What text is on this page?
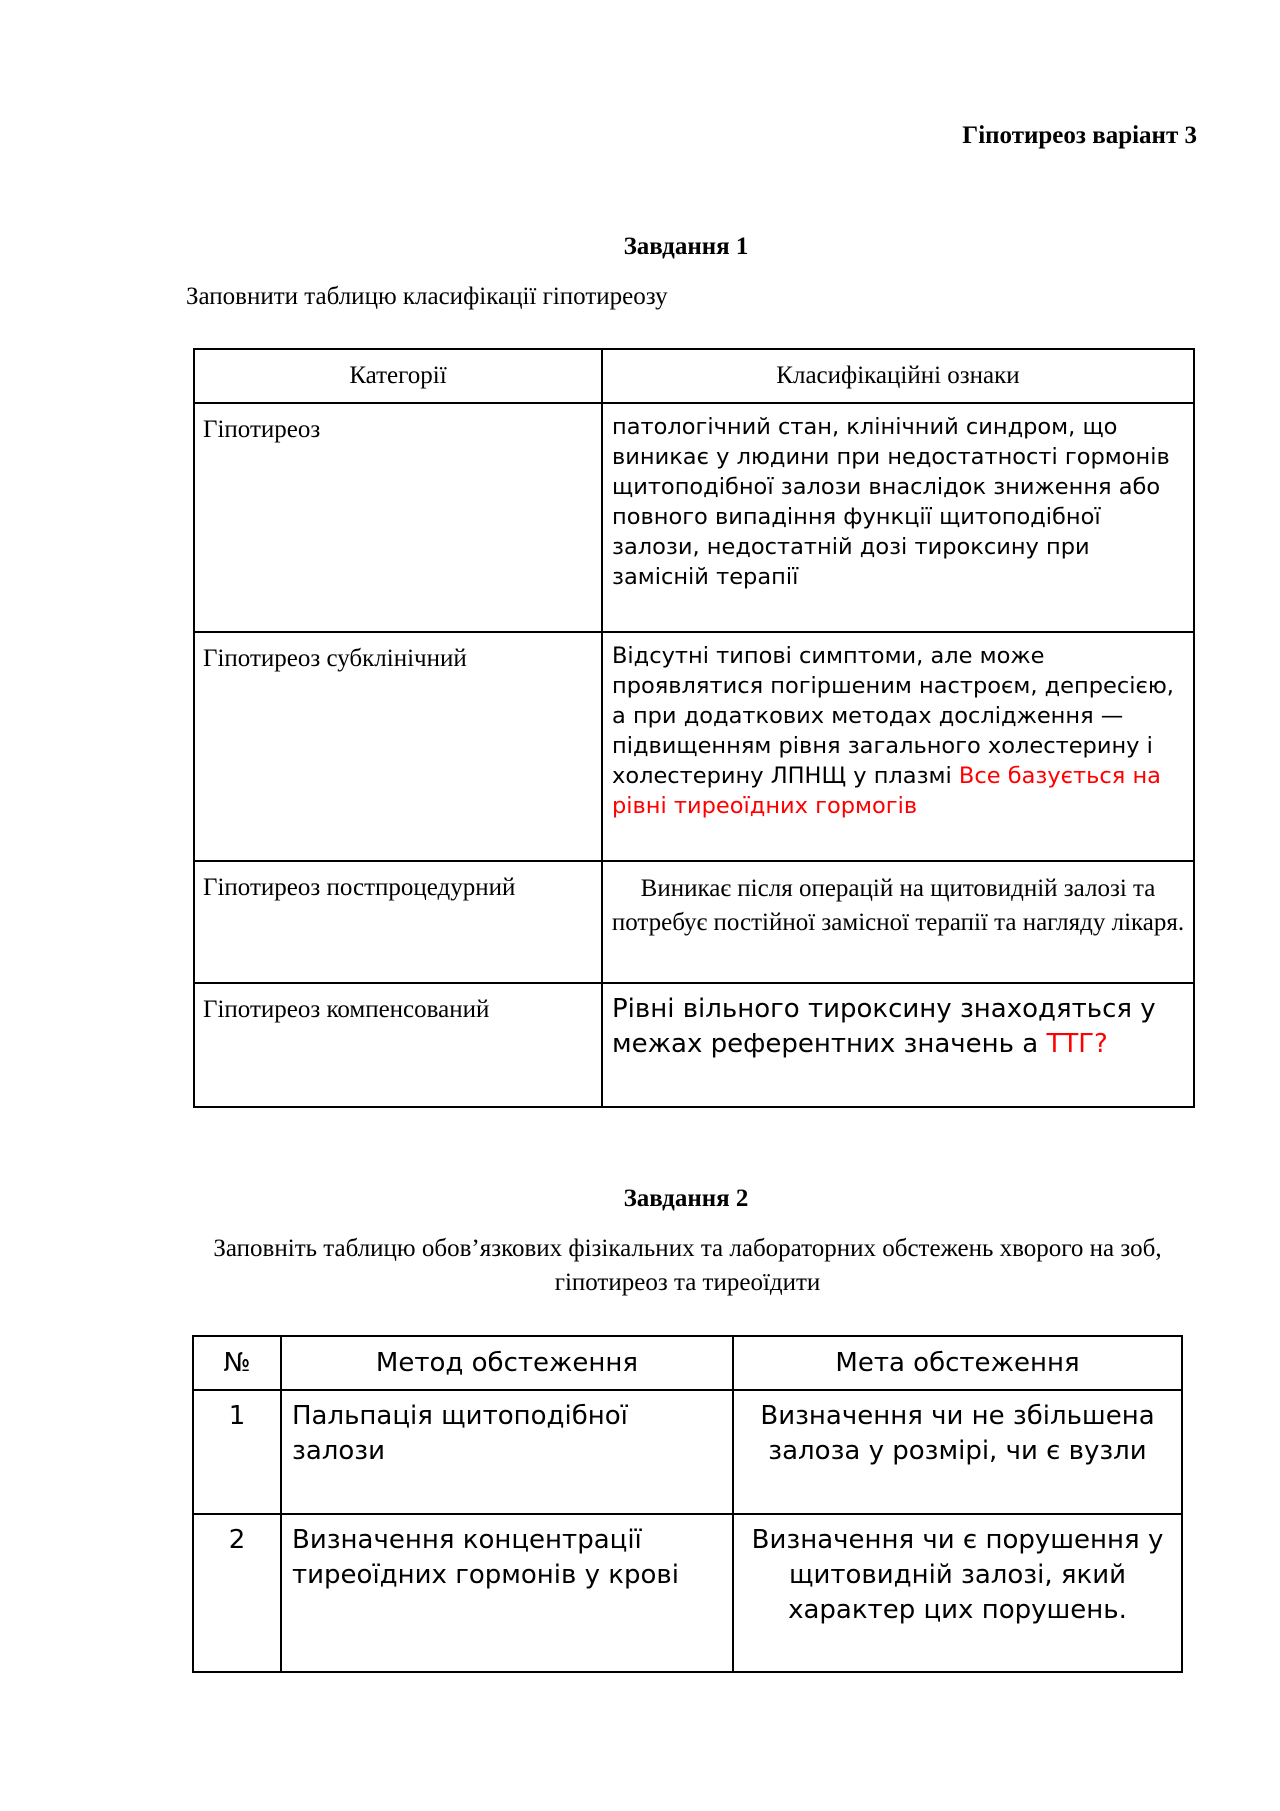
Гіпотиреоз варіант 3
Завдання 1
Заповнити таблицю класифікації гіпотиреозу
Категорії	Класифікаційні ознаки
Гіпотиреоз	патологічний стан, клінічний синдром, що виникає у людини при недостатності гормонів щитоподібної залози внаслідок зниження або повного випадіння функції щитоподібної залози, недостатній дозі тироксину при замісній терапії
Гіпотиреоз субклінічний	Відсутні типові симптоми, але може проявлятися погіршеним настроєм, депресією, а при додаткових методах дослідження — підвищенням рівня загального холестерину і холестерину ЛПНЩ у плазмі Все базується на рівні тиреоїдних гормогів
Гіпотиреоз постпроцедурний	Виникає після операцій на щитовидній залозі та потребує постійної замісної терапії та нагляду лікаря.
Гіпотиреоз компенсований	Рівні вільного тироксину знаходяться у межах референтних значень а ТТГ?
Завдання 2
Заповніть таблицю обов’язкових фізікальних та лабораторних обстежень хворого на зоб, гіпотиреоз та тиреоїдити
№	Метод обстеження	Мета обстеження
1	Пальпація щитоподібної залози	Визначення чи не збільшена залоза у розмірі, чи є вузли
2	Визначення концентрації тиреоїдних гормонів у крові	Визначення чи є порушення у щитовидній залозі, який характер цих порушень.
